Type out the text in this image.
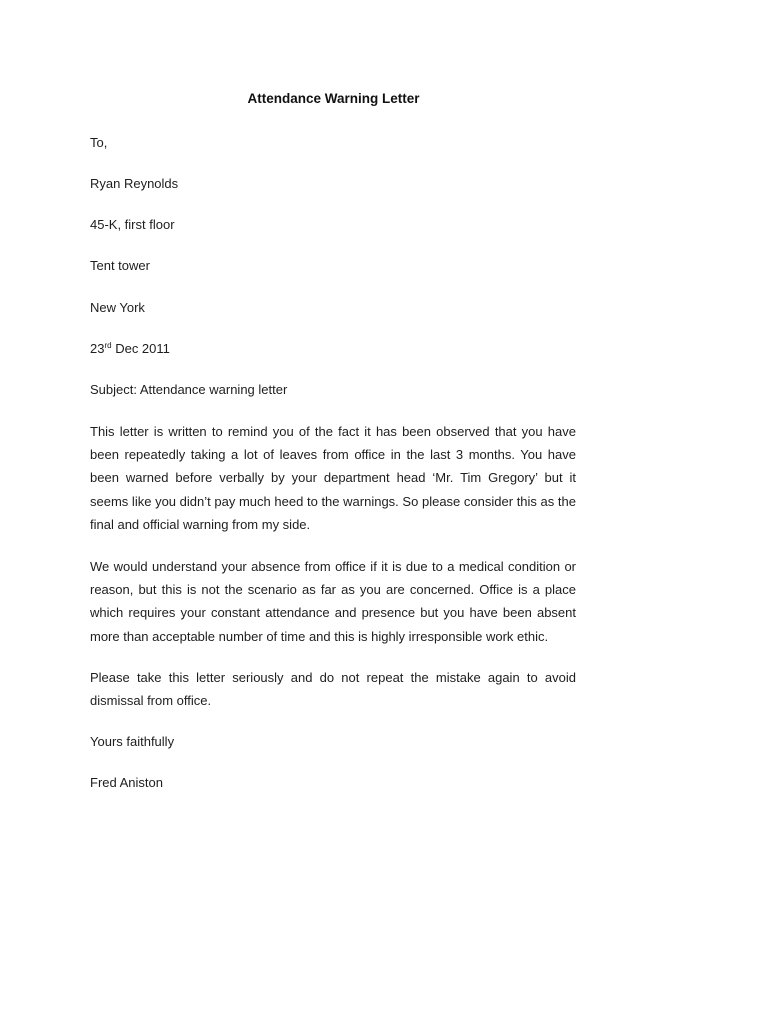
Attendance Warning Letter
To,
Ryan Reynolds
45-K, first floor
Tent tower
New York
23rd Dec 2011
Subject: Attendance warning letter
This letter is written to remind you of the fact it has been observed that you have been repeatedly taking a lot of leaves from office in the last 3 months. You have been warned before verbally by your department head ‘Mr. Tim Gregory’ but it seems like you didn’t pay much heed to the warnings. So please consider this as the final and official warning from my side.
We would understand your absence from office if it is due to a medical condition or reason, but this is not the scenario as far as you are concerned. Office is a place which requires your constant attendance and presence but you have been absent more than acceptable number of time and this is highly irresponsible work ethic.
Please take this letter seriously and do not repeat the mistake again to avoid dismissal from office.
Yours faithfully
Fred Aniston
